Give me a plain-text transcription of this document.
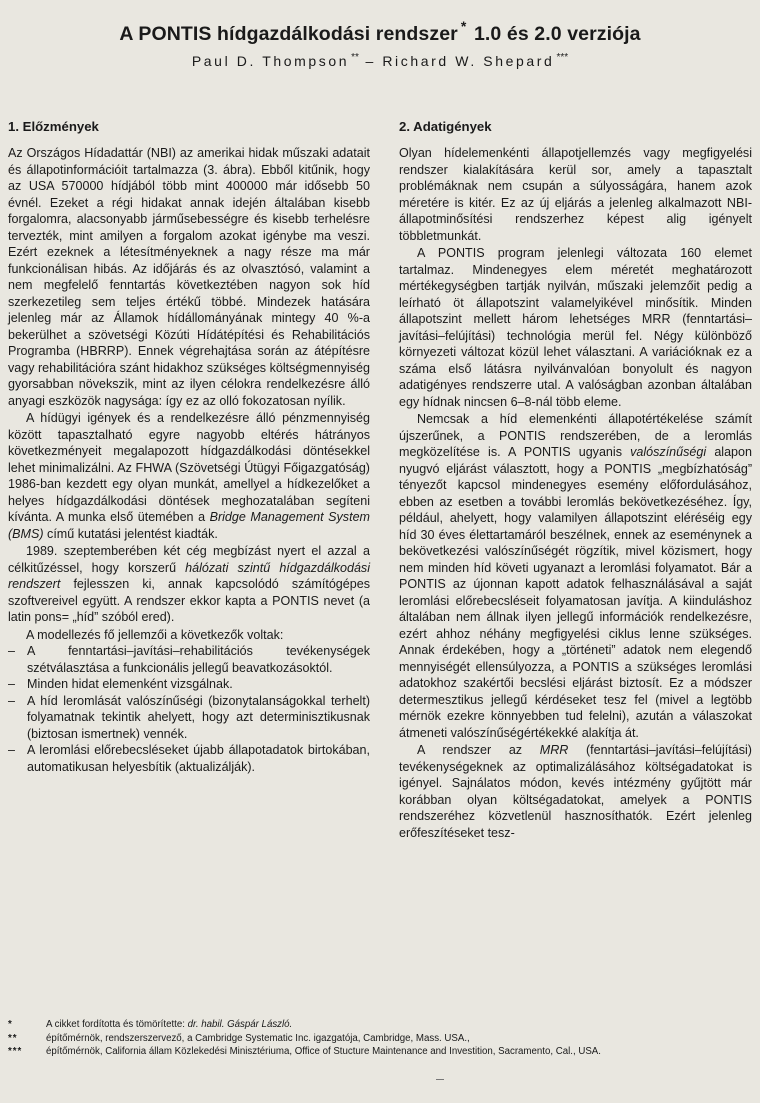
A PONTIS hídgazdálkodási rendszer * 1.0 és 2.0 verziója
Paul D. Thompson ** – Richard W. Shepard ***
1. Előzmények

Az Országos Hídadattár (NBI) az amerikai hidak műszaki adatait és állapotinformációit tartalmazza (3. ábra). Ebből kitűnik, hogy az USA 570000 hídjából több mint 400000 már idősebb 50 évnél. Ezeket a régi hidakat annak idején általában kisebb forgalomra, alacsonyabb járműsebességre és kisebb terhelésre tervezték, mint amilyen a forgalom azokat igénybe ma veszi. Ezért ezeknek a létesítményeknek a nagy része ma már funkcionálisan hibás. Az időjárás és az olvasztósó, valamint a nem megfelelő fenntartás következtében nagyon sok híd szerkezetileg sem teljes értékű többé. Mindezek hatására jelenleg már az Államok hídállományának mintegy 40 %-a bekerülhet a szövetségi Közúti Hídátépítési és Rehabilitációs Programba (HBRRP). Ennek végrehajtása során az átépítésre vagy rehabilitációra szánt hidakhoz szükséges költségmennyiség gyorsabban növekszik, mint az ilyen célokra rendelkezésre álló anyagi eszközök nagysága: így ez az olló fokozatosan nyílik.

A hídügyi igények és a rendelkezésre álló pénzmennyiség között tapasztalható egyre nagyobb eltérés hátrányos következményeit megalapozott hídgazdálkodási döntésekkel lehet minimalizálni. Az FHWA (Szövetségi Útügyi Főigazgatóság) 1986-ban kezdett egy olyan munkát, amellyel a hídkezelőket a helyes hídgazdálkodási döntések meghozatalában segíteni kívánta. A munka első ütemében a Bridge Management System (BMS) című kutatási jelentést kiadták.

1989. szeptemberében két cég megbízást nyert el azzal a célkitűzéssel, hogy korszerű hálózati szintű hídgazdálkodási rendszert fejlesszen ki, annak kapcsolódó számítógépes szoftvereivel együtt. A rendszer ekkor kapta a PONTIS nevet (a latin pons= „híd” szóból ered).

A modellezés fő jellemzői a következők voltak:

– A fenntartási–javítási–rehabilitációs tevékenységek szétválasztása a funkcionális jellegű beavatkozásoktól.
– Minden hidat elemenként vizsgálnak.
– A híd leromlását valószínűségi (bizonytalanságokkal terhelt) folyamatnak tekintik ahelyett, hogy azt determinisztikusnak (biztosan ismertnek) vennék.
– A leromlási előrebecsléseket újabb állapotadatok birtokában, automatikusan helyesbítik (aktualizálják).
2. Adatigények

Olyan hídelemenkénti állapotjellemzés vagy megfigyelési rendszer kialakítására kerül sor, amely a tapasztalt problémáknak nem csupán a súlyosságára, hanem azok méretére is kitér. Ez az új eljárás a jelenleg alkalmazott NBI-állapotminősítési rendszerhez képest alig igényelt többletmunkát.

A PONTIS program jelenlegi változata 160 elemet tartalmaz. Mindenegyes elem méretét meghatározott mértékegységben tartják nyilván, műszaki jelemzőit pedig a leírható öt állapotszint valamelyikével minősítik. Minden állapotszint mellett három lehetséges MRR (fenntartási–javítási–felújítási) technológia merül fel. Négy különböző környezeti változat közül lehet választani. A variációknak ez a száma első látásra nyilvánvalóan bonyolult és nagyon adatigényes rendszerre utal. A valóságban azonban általában egy hídnak nincsen 6–8-nál több eleme.

Nemcsak a híd elemenkénti állapotértékelése számít újszerűnek, a PONTIS rendszerében, de a leromlás megközelítése is. A PONTIS ugyanis valószínűségi alapon nyugvó eljárást választott, hogy a PONTIS „megbízhatóság” tényezőt kapcsol mindenegyes esemény előfordulásához, ebben az esetben a további leromlás bekövetkezéséhez. Így, például, ahelyett, hogy valamilyen állapotszint eléréséig egy híd 30 éves élettartamáról beszélnek, ennek az eseménynek a bekövetkezési valószínűségét rögzítik, mivel közismert, hogy nem minden híd követi ugyanazt a leromlási folyamatot. Bár a PONTIS az újonnan kapott adatok felhasználásával a saját leromlási előrebecsléseit folyamatosan javítja. A kiinduláshoz általában nem állnak ilyen jellegű információk rendelkezésre, ezért ahhoz néhány megfigyelési ciklus lenne szükséges. Annak érdekében, hogy a „történeti” adatok nem elegendő mennyiségét ellensúlyozza, a PONTIS a szükséges leromlási adatokhoz szakértői becslési eljárást biztosít. Ez a módszer determesztikus jellegű kérdéseket tesz fel (mivel a legtöbb mérnök ezekre könnyebben tud felelni), azután a válaszokat átmeneti valószínűségértékekké alakítja át.

A rendszer az MRR (fenntartási–javítási–felújítási) tevékenységeknek az optimalizálásához költségadatokat is igényel. Sajnálatos módon, kevés intézmény gyűjtött már korábban olyan költségadatokat, amelyek a PONTIS rendszeréhez közvetlenül hasznosíthatók. Ezért jelenleg erőfeszítéseket tesz-

*	A cikket fordította és tömörítette: dr. habil. Gáspár László.
**	építőmérnök, rendszerszervező, a Cambridge Systematic Inc. igazgatója, Cambridge, Mass. USA.,
*** építőmérnök, California állam Közlekedési Minisztériuma, Office of Stucture Maintenance and Investition, Sacramento, Cal., USA.
